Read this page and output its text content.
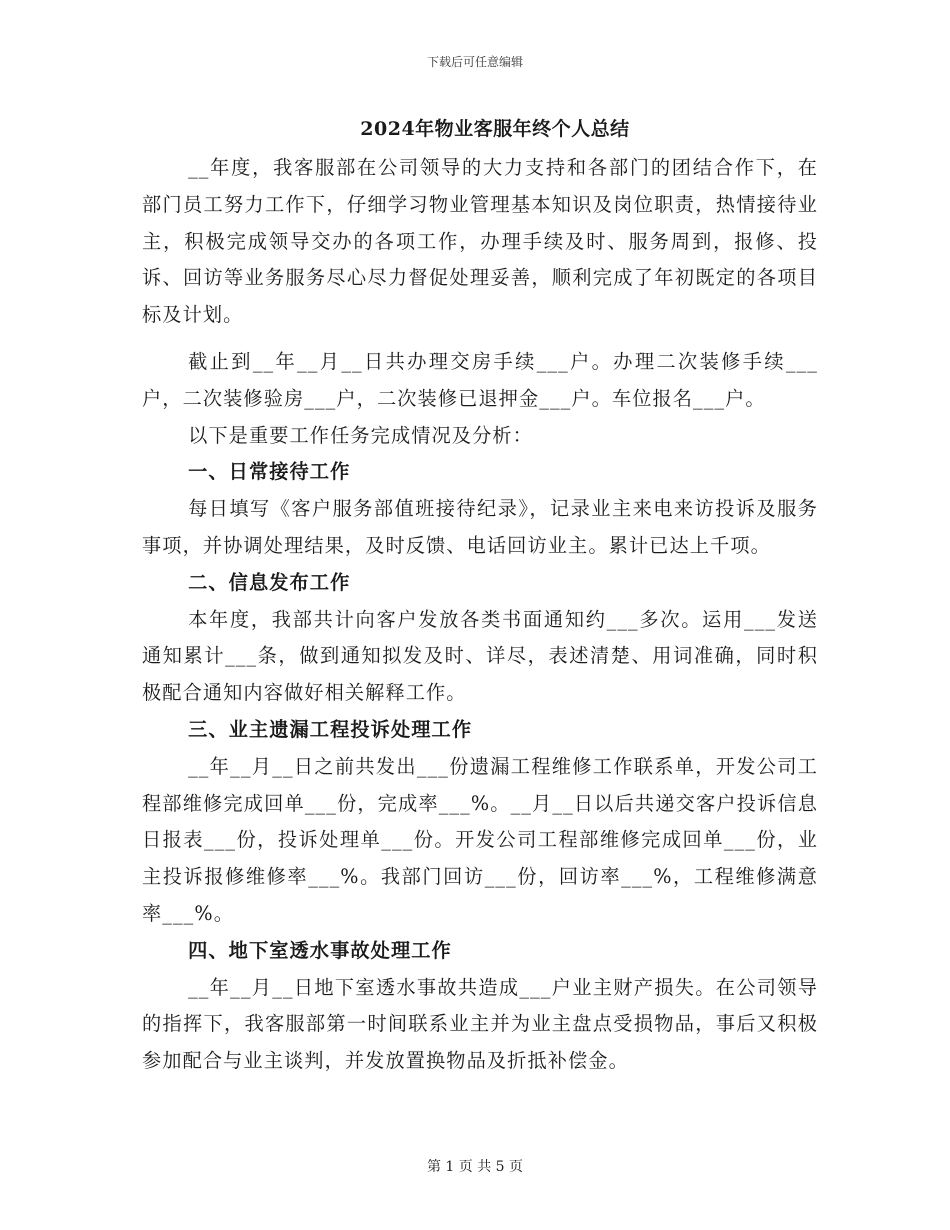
下载后可任意编辑
2024年物业客服年终个人总结

__年度，我客服部在公司领导的大力支持和各部门的团结合作下，在部门员工努力工作下，仔细学习物业管理基本知识及岗位职责，热情接待业主，积极完成领导交办的各项工作，办理手续及时、服务周到，报修、投诉、回访等业务服务尽心尽力督促处理妥善，顺利完成了年初既定的各项目标及计划。

截止到__年__月__日共办理交房手续___户。办理二次装修手续___户，二次装修验房___户，二次装修已退押金___户。车位报名___户。

以下是重要工作任务完成情况及分析：

一、日常接待工作

每日填写《客户服务部值班接待纪录》，记录业主来电来访投诉及服务事项，并协调处理结果，及时反馈、电话回访业主。累计已达上千项。

二、信息发布工作

本年度，我部共计向客户发放各类书面通知约___多次。运用___发送通知累计___条，做到通知拟发及时、详尽，表述清楚、用词准确，同时积极配合通知内容做好相关解释工作。

三、业主遗漏工程投诉处理工作

__年__月__日之前共发出___份遗漏工程维修工作联系单，开发公司工程部维修完成回单___份，完成率___%。__月__日以后共递交客户投诉信息日报表___份，投诉处理单___份。开发公司工程部维修完成回单___份，业主投诉报修维修率___%。我部门回访___份，回访率___%，工程维修满意率___%。

四、地下室透水事故处理工作

__年__月__日地下室透水事故共造成___户业主财产损失。在公司领导的指挥下，我客服部第一时间联系业主并为业主盘点受损物品，事后又积极参加配合与业主谈判，并发放置换物品及折抵补偿金。

第 1 页 共 5 页
